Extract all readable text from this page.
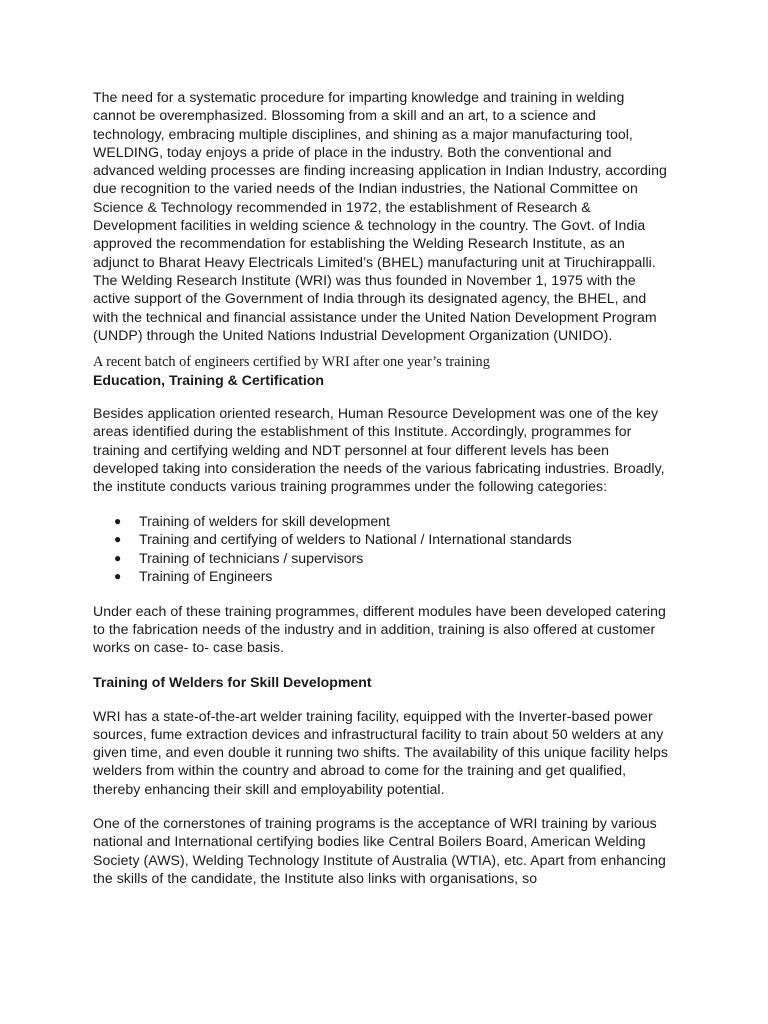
The need for a systematic procedure for imparting knowledge and training in welding cannot be overemphasized. Blossoming from a skill and an art, to a science and technology, embracing multiple disciplines, and shining as a major manufacturing tool, WELDING, today enjoys a pride of place in the industry. Both the conventional and advanced welding processes are finding increasing application in Indian Industry, according due recognition to the varied needs of the Indian industries, the National Committee on Science & Technology recommended in 1972, the establishment of Research & Development facilities in welding science & technology in the country. The Govt. of India approved the recommendation for establishing the Welding Research Institute, as an adjunct to Bharat Heavy Electricals Limited’s (BHEL) manufacturing unit at Tiruchirappalli. The Welding Research Institute (WRI) was thus founded in November 1, 1975 with the active support of the Government of India through its designated agency, the BHEL, and with the technical and financial assistance under the United Nation Development Program (UNDP) through the United Nations Industrial Development Organization (UNIDO).

A recent batch of engineers certified by WRI after one year’s training

Education, Training & Certification

Besides application oriented research, Human Resource Development was one of the key areas identified during the establishment of this Institute. Accordingly, programmes for training and certifying welding and NDT personnel at four different levels has been developed taking into consideration the needs of the various fabricating industries. Broadly, the institute conducts various training programmes under the following categories:

● Training of welders for skill development
● Training and certifying of welders to National / International standards
● Training of technicians / supervisors
● Training of Engineers

Under each of these training programmes, different modules have been developed catering to the fabrication needs of the industry and in addition, training is also offered at customer works on case- to- case basis.

Training of Welders for Skill Development

WRI has a state-of-the-art welder training facility, equipped with the Inverter-based power sources, fume extraction devices and infrastructural facility to train about 50 welders at any given time, and even double it running two shifts. The availability of this unique facility helps welders from within the country and abroad to come for the training and get qualified, thereby enhancing their skill and employability potential.

One of the cornerstones of training programs is the acceptance of WRI training by various national and International certifying bodies like Central Boilers Board, American Welding Society (AWS), Welding Technology Institute of Australia (WTIA), etc. Apart from enhancing the skills of the candidate, the Institute also links with organisations, so
